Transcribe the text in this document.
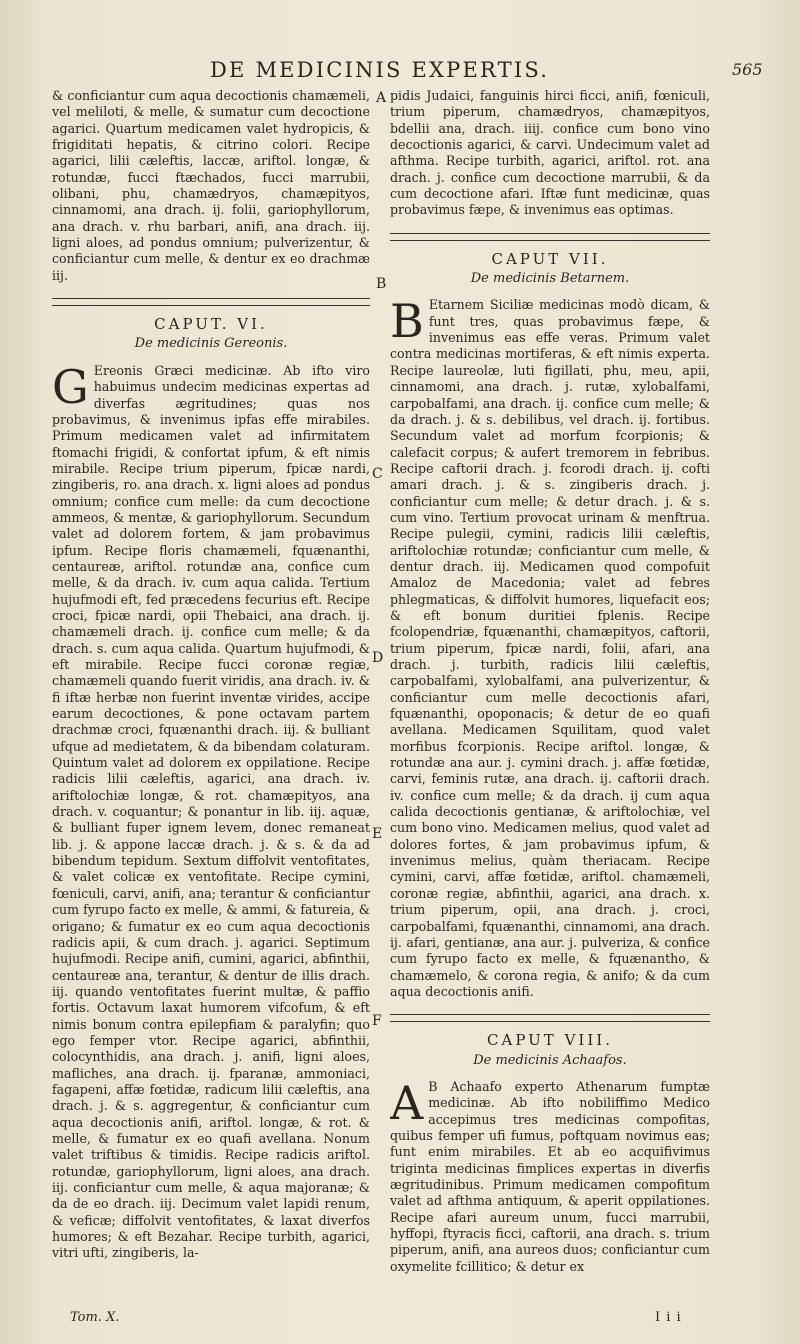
DE MEDICINIS EXPERTIS.	565

& conficiantur cum aqua decoctionis chamæmeli, vel meliloti, & melle, & sumatur cum decoctione agarici. Quartum medicamen valet hydropicis, & frigiditati hepatis, & citrino colori. Recipe agarici, lilii cæleftis, laccæ, ariftol. longæ, & rotundæ, fucci ftæchados, fucci marrubii, olibani, phu, chamædryos, chamæpityos, cinnamomi, ana drach. ij. folii, gariophyllorum, ana drach. v. rhu barbari, anifi, ana drach. iij. ligni aloes, ad pondus omnium; pulverizentur, & conficiantur cum melle, & dentur ex eo drachmæ iij.

CAPUT. VI.
De medicinis Gereonis.

G Ereonis Græci medicinæ. Ab ifto viro habuimus undecim medicinas expertas ad diverfas ægritudines; quas nos probavimus, & invenimus ipfas effe mirabiles. Primum medicamen valet ad infirmitatem ftomachi frigidi, & confortat ipfum, & eft nimis mirabile. Recipe trium piperum, fpicæ nardi, zingiberis, ro. ana drach. x. ligni aloes ad pondus omnium; confice cum melle: da cum decoctione ammeos, & mentæ, & gariophyllorum. Secundum valet ad dolorem fortem, & jam probavimus ipfum. Recipe floris chamæmeli, fquænanthi, centaureæ, ariftol. rotundæ ana, confice cum melle, & da drach. iv. cum aqua calida. Tertium hujufmodi eft, fed præcedens fecurius eft. Recipe croci, fpicæ nardi, opii Thebaici, ana drach. ij. chamæmeli drach. ij. confice cum melle; & da drach. s. cum aqua calida. Quartum hujufmodi, & eft mirabile. Recipe fucci coronæ regiæ, chamæmeli quando fuerit viridis, ana drach. iv. & fi iftæ herbæ non fuerint inventæ virides, accipe earum decoctiones, & pone octavam partem drachmæ croci, fquænanthi drach. iij. & bulliant ufque ad medietatem, & da bibendam colaturam. Quintum valet ad dolorem ex oppilatione. Recipe radicis lilii cæleftis, agarici, ana drach. iv. ariftolochiæ longæ, & rot. chamæpityos, ana drach. v. coquantur; & ponantur in lib. iij. aquæ, & bulliant fuper ignem levem, donec remaneat lib. j. & appone laccæ drach. j. & s. & da ad bibendum tepidum. Sextum diffolvit ventofitates, & valet colicæ ex ventofitate. Recipe cymini, fœniculi, carvi, anifi, ana; terantur & conficiantur cum fyrupo facto ex melle, & ammi, & fatureia, & origano; & fumatur ex eo cum aqua decoctionis radicis apii, & cum drach. j. agarici. Septimum hujufmodi. Recipe anifi, cumini, agarici, abfinthii, centaureæ ana, terantur, & dentur de illis drach. iij. quando ventofitates fuerint multæ, & paffio fortis. Octavum laxat humorem vifcofum, & eft nimis bonum contra epilepfiam & paralyfin; quo ego femper vtor. Recipe agarici, abfinthii, colocynthidis, ana drach. j. anifi, ligni aloes, mafliches, ana drach. ij. fparanæ, ammoniaci, fagapeni, affæ fœtidæ, radicum lilii cæleftis, ana drach. j. & s. aggregentur, & conficiantur cum aqua decoctionis anifi, ariftol. longæ, & rot. & melle, & fumatur ex eo quafi avellana. Nonum valet triftibus & timidis. Recipe radicis ariftol. rotundæ, gariophyllorum, ligni aloes, ana drach. iij. conficiantur cum melle, & aqua majoranæ; & da de eo drach. iij. Decimum valet lapidi renum, & veficæ; diffolvit ventofitates, & laxat diverfos humores; & eft Bezahar. Recipe turbith, agarici, vitri ufti, zingiberis, la-

pidis Judaici, fanguinis hirci ficci, anifi, fœniculi, trium piperum, chamædryos, chamæpityos, bdellii ana, drach. iiij. confice cum bono vino decoctionis agarici, & carvi. Undecimum valet ad afthma. Recipe turbith, agarici, ariftol. rot. ana drach. j. confice cum decoctione marrubii, & da cum decoctione afari. Iftæ funt medicinæ, quas probavimus fæpe, & invenimus eas optimas.

CAPUT VII.
De medicinis Betarnem.

B Etarnem Siciliæ medicinas modò dicam, & funt tres, quas probavimus fæpe, & invenimus eas effe veras. Primum valet contra medicinas mortiferas, & eft nimis experta. Recipe laureolæ, luti figillati, phu, meu, apii, cinnamomi, ana drach. j. rutæ, xylobalfami, carpobalfami, ana drach. ij. confice cum melle; & da drach. j. & s. debilibus, vel drach. ij. fortibus. Secundum valet ad morfum fcorpionis; & calefacit corpus; & aufert tremorem in febribus. Recipe caftorii drach. j. fcorodi drach. ij. cofti amari drach. j. & s. zingiberis drach. j. conficiantur cum melle; & detur drach. j. & s. cum vino. Tertium provocat urinam & menftrua. Recipe pulegii, cymini, radicis lilii cæleftis, ariftolochiæ rotundæ; conficiantur cum melle, & dentur drach. iij. Medicamen quod compofuit Amaloz de Macedonia; valet ad febres phlegmaticas, & diffolvit humores, liquefacit eos; & eft bonum duritiei fplenis. Recipe fcolopendriæ, fquænanthi, chamæpityos, caftorii, trium piperum, fpicæ nardi, folii, afari, ana drach. j. turbith, radicis lilii cæleftis, carpobalfami, xylobalfami, ana pulverizentur, & conficiantur cum melle decoctionis afari, fquænanthi, opoponacis; & detur de eo quafi avellana. Medicamen Squilitam, quod valet morfibus fcorpionis. Recipe ariftol. longæ, & rotundæ ana aur. j. cymini drach. j. affæ fœtidæ, carvi, feminis rutæ, ana drach. ij. caftorii drach. iv. confice cum melle; & da drach. ij cum aqua calida decoctionis gentianæ, & ariftolochiæ, vel cum bono vino. Medicamen melius, quod valet ad dolores fortes, & jam probavimus ipfum, & invenimus melius, quàm theriacam. Recipe cymini, carvi, affæ fœtidæ, ariftol. chamæmeli, coronæ regiæ, abfinthii, agarici, ana drach. x. trium piperum, opii, ana drach. j. croci, carpobalfami, fquænanthi, cinnamomi, ana drach. ij. afari, gentianæ, ana aur. j. pulveriza, & confice cum fyrupo facto ex melle, & fquænantho, & chamæmelo, & corona regia, & anifo; & da cum aqua decoctionis anifi.

CAPUT VIII.
De medicinis Achaafos.

A B Achaafo experto Athenarum fumptæ medicinæ. Ab ifto nobiliffimo Medico accepimus tres medicinas compofitas, quibus femper ufi fumus, poftquam novimus eas; funt enim mirabiles. Et ab eo acquifivimus triginta medicinas fimplices expertas in diverfis ægritudinibus. Primum medicamen compofitum valet ad afthma antiquum, & aperit oppilationes. Recipe afari aureum unum, fucci marrubii, hyffopi, ftyracis ficci, caftorii, ana drach. s. trium piperum, anifi, ana aureos duos; conficiantur cum oxymelite fcillitico; & detur ex

A
B
C
D
E
F
Tom. X.	I i i
